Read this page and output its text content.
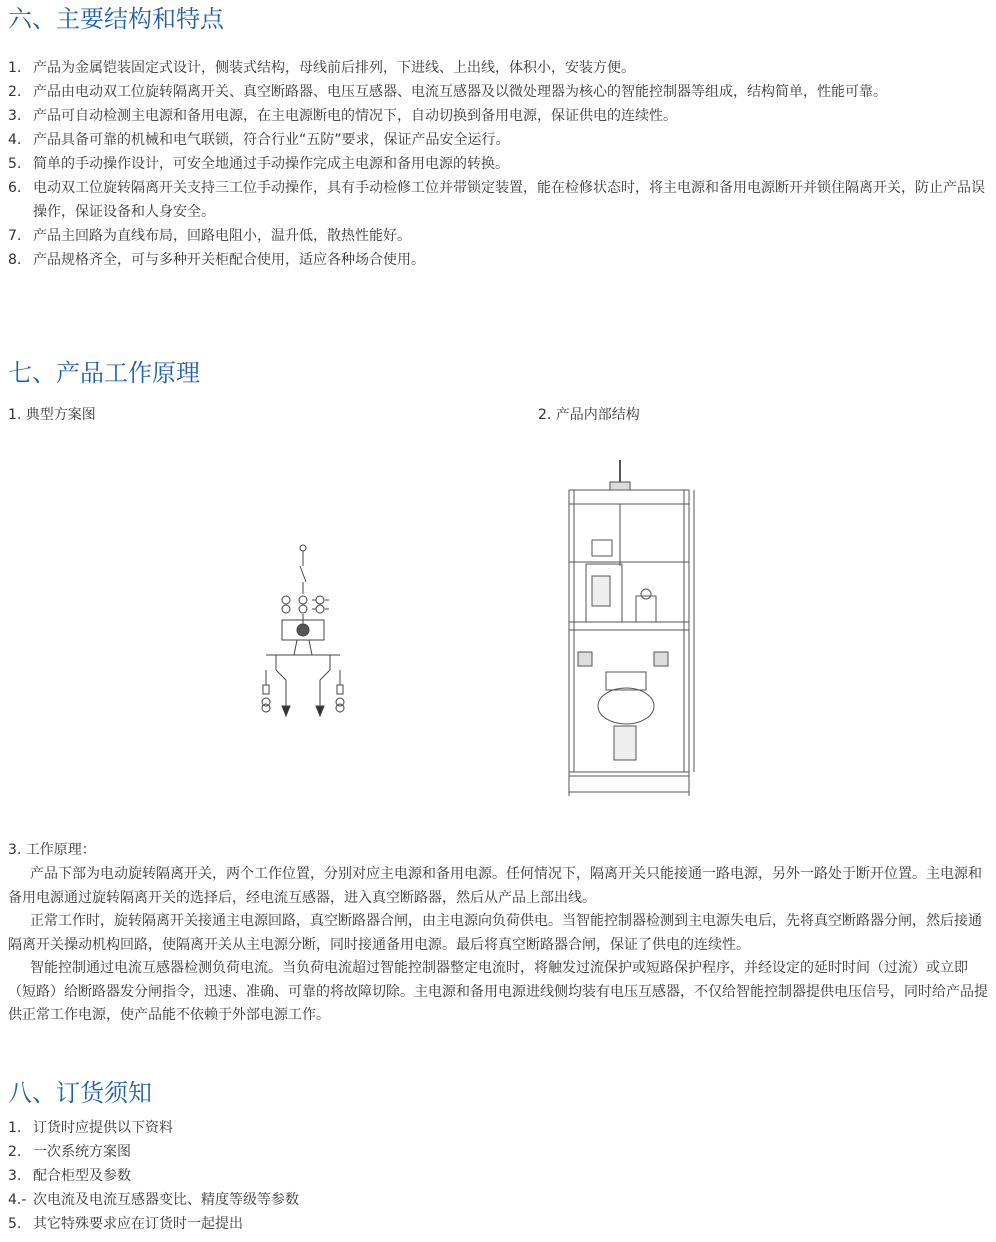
六、主要结构和特点
1. 产品为金属铠装固定式设计，侧装式结构，母线前后排列，下进线、上出线，体积小，安装方便。
2. 产品由电动双工位旋转隔离开关、真空断路器、电压互感器、电流互感器及以微处理器为核心的智能控制器等组成，结构简单，性能可靠。
3. 产品可自动检测主电源和备用电源，在主电源断电的情况下，自动切换到备用电源，保证供电的连续性。
4. 产品具备可靠的机械和电气联锁，符合行业“五防”要求，保证产品安全运行。
5. 简单的手动操作设计，可安全地通过手动操作完成主电源和备用电源的转换。
6. 电动双工位旋转隔离开关支持三工位手动操作，具有手动检修工位并带锁定装置，能在检修状态时，将主电源和备用电源断开并锁住隔离开关，防止产品误操作，保证设备和人身安全。
7. 产品主回路为直线布局，回路电阻小，温升低，散热性能好。
8. 产品规格齐全，可与多种开关柜配合使用，适应各种场合使用。
七、产品工作原理
1. 典型方案图	2. 产品内部结构
3. 工作原理：

产品下部为电动旋转隔离开关，两个工作位置，分别对应主电源和备用电源。任何情况下，隔离开关只能接通一路电源，另外一路处于断开位置。主电源和备用电源通过旋转隔离开关的选择后，经电流互感器，进入真空断路器，然后从产品上部出线。

正常工作时，旋转隔离开关接通主电源回路，真空断路器合闸，由主电源向负荷供电。当智能控制器检测到主电源失电后，先将真空断路器分闸，然后接通隔离开关操动机构回路，使隔离开关从主电源分断，同时接通备用电源。最后将真空断路器合闸，保证了供电的连续性。

智能控制通过电流互感器检测负荷电流。当负荷电流超过智能控制器整定电流时，将触发过流保护或短路保护程序，并经设定的延时时间（过流）或立即（短路）给断路器发分闸指令，迅速、准确、可靠的将故障切除。主电源和备用电源进线侧均装有电压互感器，不仅给智能控制器提供电压信号，同时给产品提供正常工作电源，使产品能不依赖于外部电源工作。

八、订货须知
1. 订货时应提供以下资料
2. 一次系统方案图
3. 配合柜型及参数
4.- 次电流及电流互感器变比、精度等级等参数
5. 其它特殊要求应在订货时一起提出
